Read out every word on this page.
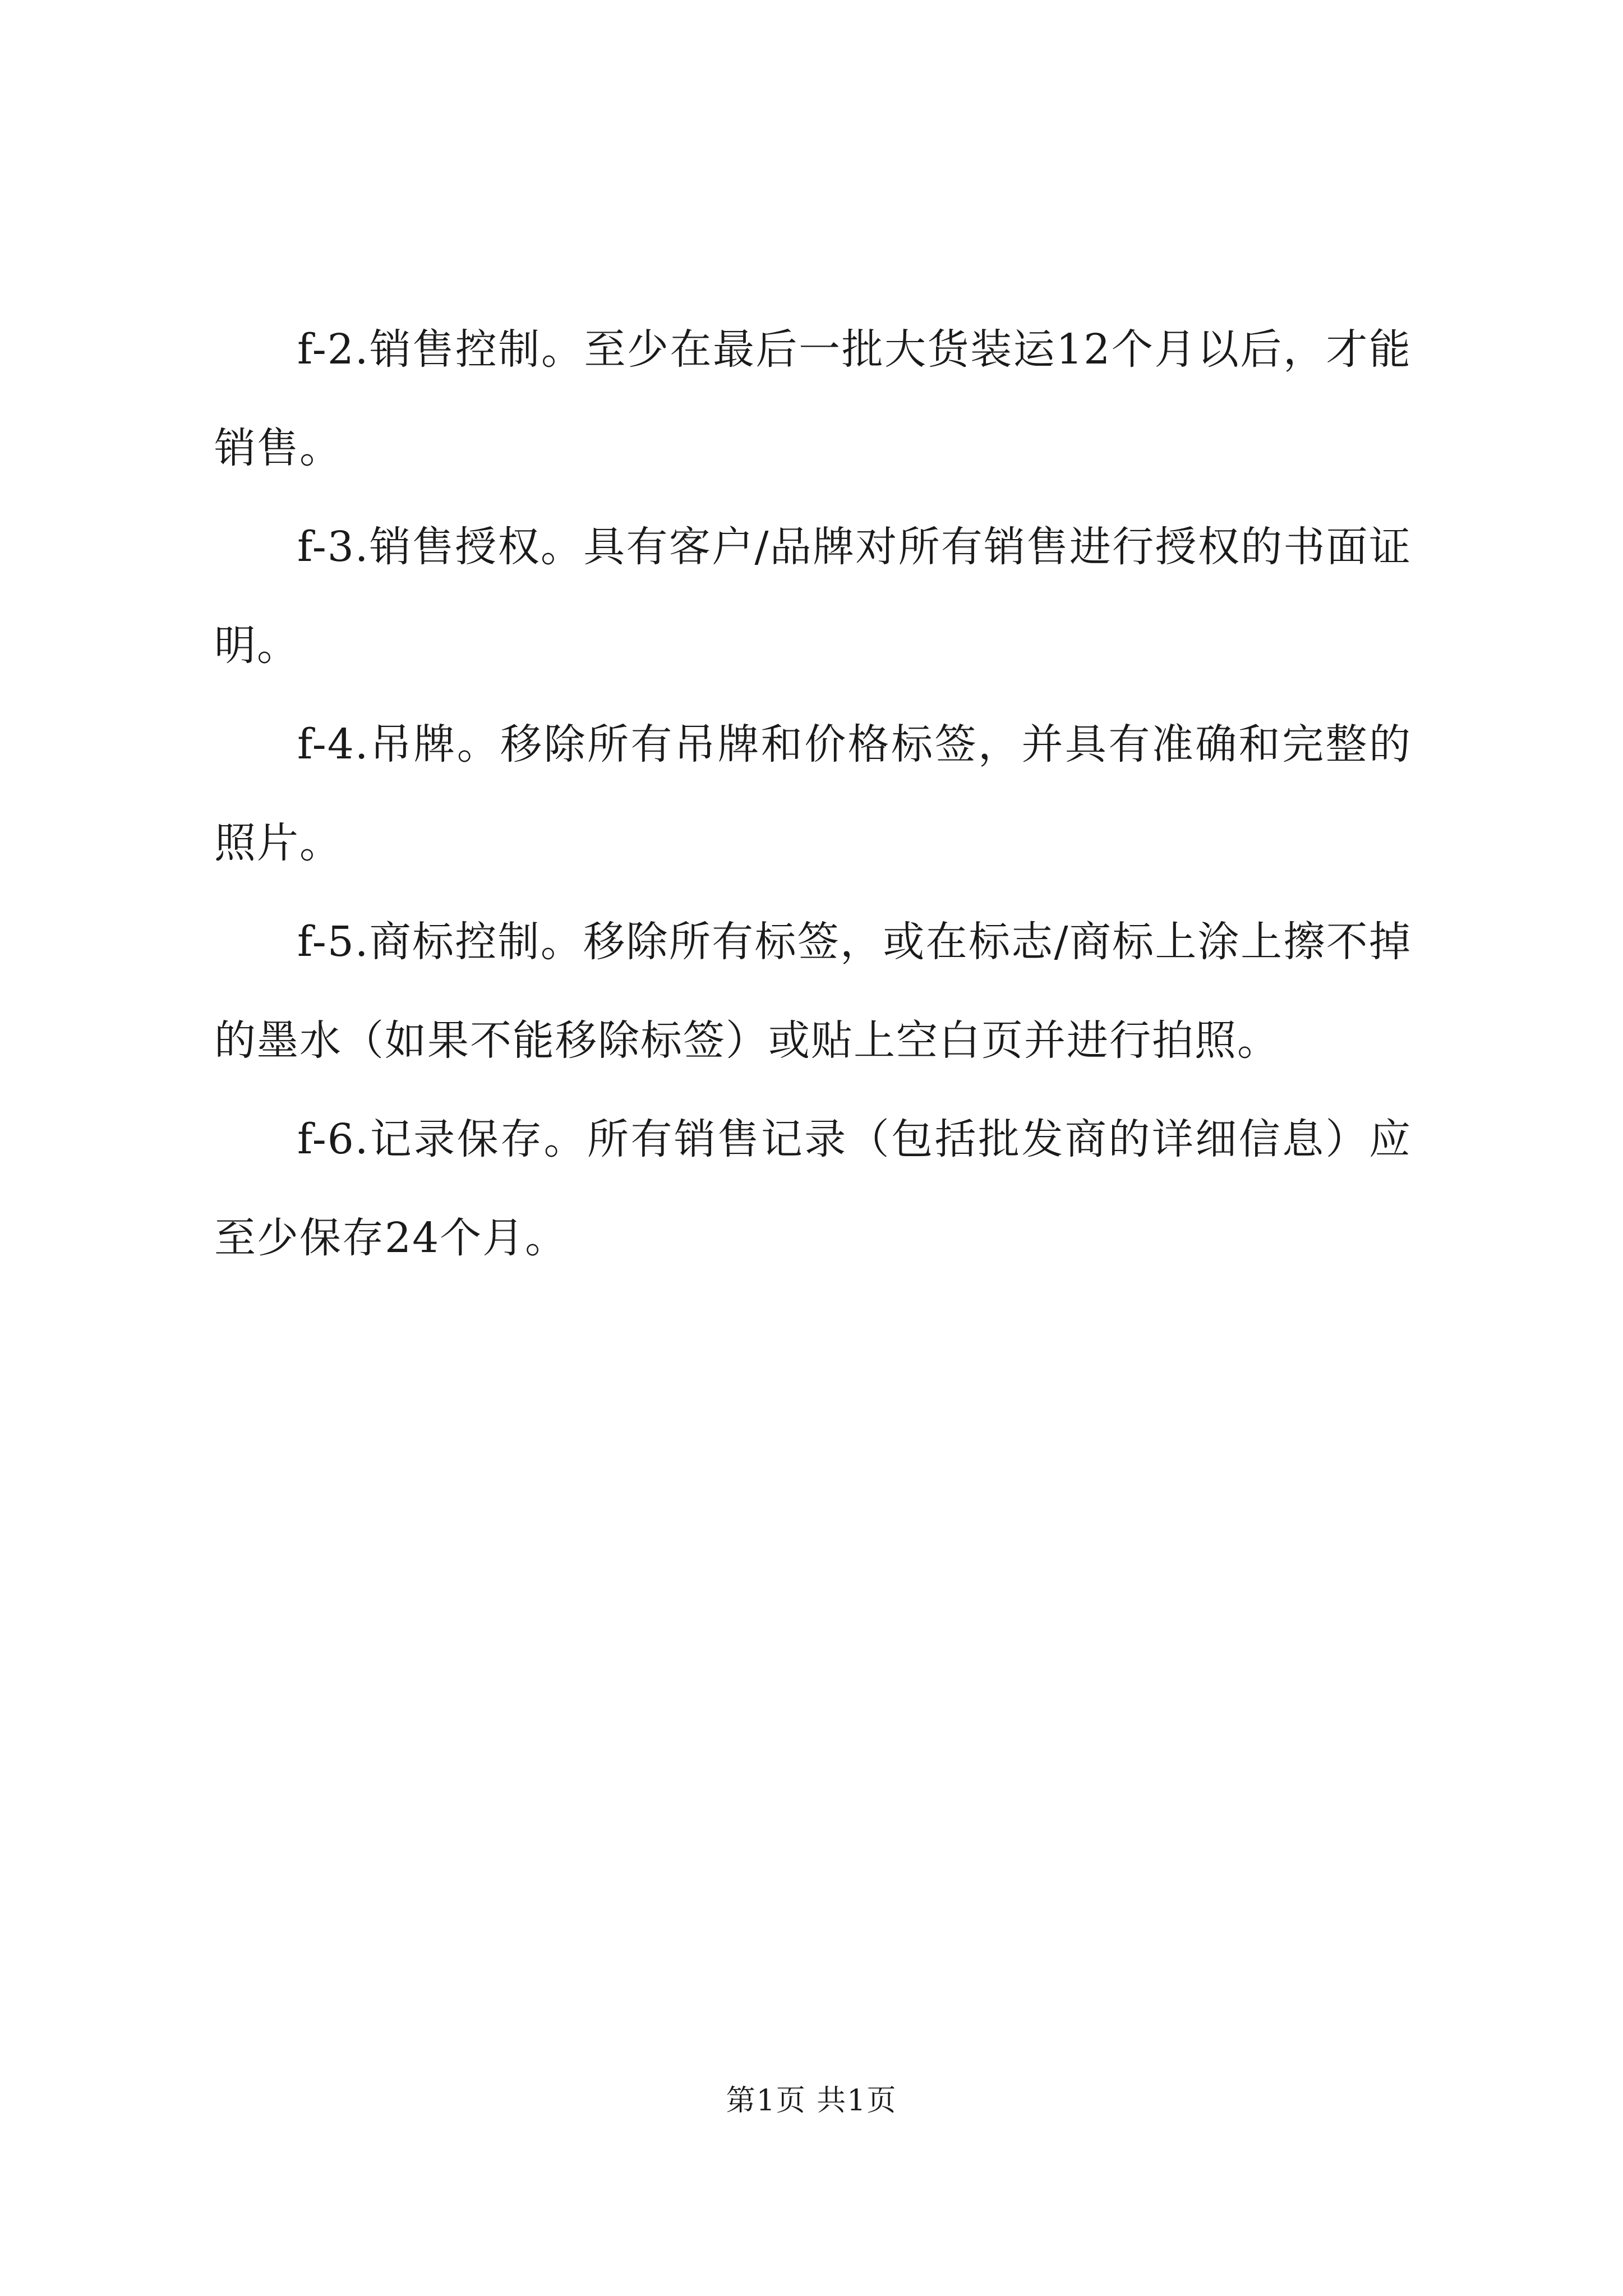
f-2.销售控制。至少在最后一批大货装运12个月以后，才能销售。

f-3.销售授权。具有客户/品牌对所有销售进行授权的书面证明。

f-4.吊牌。移除所有吊牌和价格标签，并具有准确和完整的照片。

f-5.商标控制。移除所有标签，或在标志/商标上涂上擦不掉的墨水（如果不能移除标签）或贴上空白页并进行拍照。

f-6.记录保存。所有销售记录（包括批发商的详细信息）应至少保存24个月。

第1页 共1页
